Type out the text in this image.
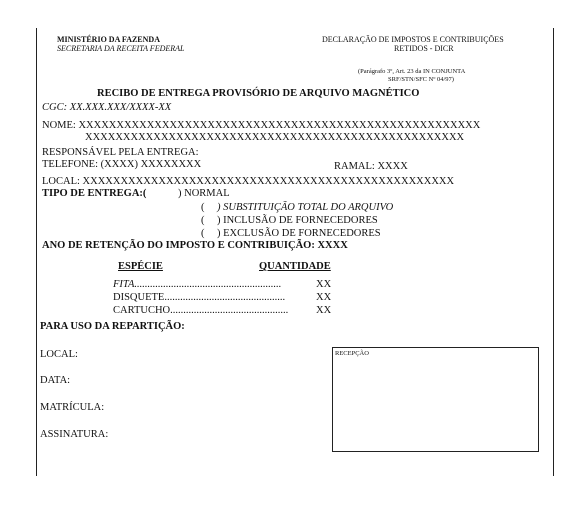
MINISTÉRIO DA FAZENDA
SECRETARIA DA RECEITA FEDERAL
DECLARAÇÃO DE IMPOSTOS E CONTRIBUIÇÕES
RETIDOS - DICR
(Parágrafo 3º, Art. 23 da IN CONJUNTA
SRF/STN/SFC Nº 04/97)
RECIBO DE ENTREGA PROVISÓRIO DE ARQUIVO MAGNÉTICO
CGC: XX.XXX.XXX/XXXX-XX
NOME: XXXXXXXXXXXXXXXXXXXXXXXXXXXXXXXXXXXXXXXXXXXXXXXXXXXXX
XXXXXXXXXXXXXXXXXXXXXXXXXXXXXXXXXXXXXXXXXXXXXXXXXX
RESPONSÁVEL PELA ENTREGA:
TELEFONE: (XXXX) XXXXXXXX	RAMAL: XXXX
LOCAL: XXXXXXXXXXXXXXXXXXXXXXXXXXXXXXXXXXXXXXXXXXXXXXXXX
TIPO DE ENTREGA:(	) NORMAL
( ) SUBSTITUIÇÃO TOTAL DO ARQUIVO
( ) INCLUSÃO DE FORNECEDORES
( ) EXCLUSÃO DE FORNECEDORES
ANO DE RETENÇÃO DO IMPOSTO E CONTRIBUIÇÃO: XXXX
ESPÉCIE	QUANTIDADE
FITA........................................................	XX
DISQUETE..............................................	XX
CARTUCHO.............................................	XX
PARA USO DA REPARTIÇÃO:
LOCAL:
DATA:
MATRÍCULA:
ASSINATURA:
RECEPÇÃO
